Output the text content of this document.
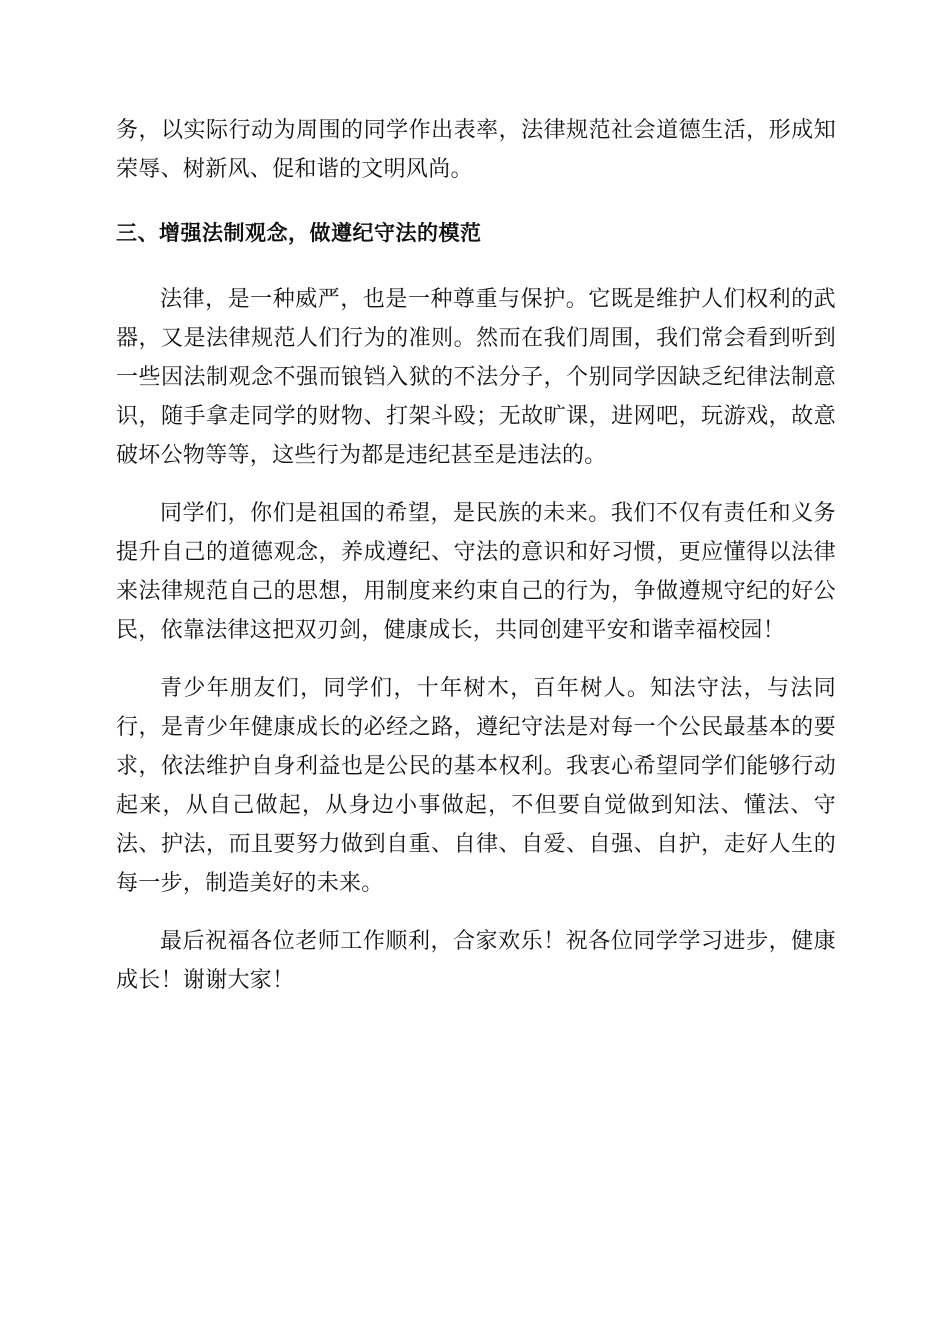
务，以实际行动为周围的同学作出表率，法律规范社会道德生活，形成知荣辱、树新风、促和谐的文明风尚。

三、增强法制观念，做遵纪守法的模范

法律，是一种威严，也是一种尊重与保护。它既是维护人们权利的武器，又是法律规范人们行为的准则。然而在我们周围，我们常会看到听到一些因法制观念不强而锒铛入狱的不法分子，个别同学因缺乏纪律法制意识，随手拿走同学的财物、打架斗殴；无故旷课，进网吧，玩游戏，故意破坏公物等等，这些行为都是违纪甚至是违法的。

同学们，你们是祖国的希望，是民族的未来。我们不仅有责任和义务提升自己的道德观念，养成遵纪、守法的意识和好习惯，更应懂得以法律来法律规范自己的思想，用制度来约束自己的行为，争做遵规守纪的好公民，依靠法律这把双刃剑，健康成长，共同创建平安和谐幸福校园！

青少年朋友们，同学们，十年树木，百年树人。知法守法，与法同行，是青少年健康成长的必经之路，遵纪守法是对每一个公民最基本的要求，依法维护自身利益也是公民的基本权利。我衷心希望同学们能够行动起来，从自己做起，从身边小事做起，不但要自觉做到知法、懂法、守法、护法，而且要努力做到自重、自律、自爱、自强、自护，走好人生的每一步，制造美好的未来。

最后祝福各位老师工作顺利，合家欢乐！祝各位同学学习进步，健康成长！谢谢大家！
